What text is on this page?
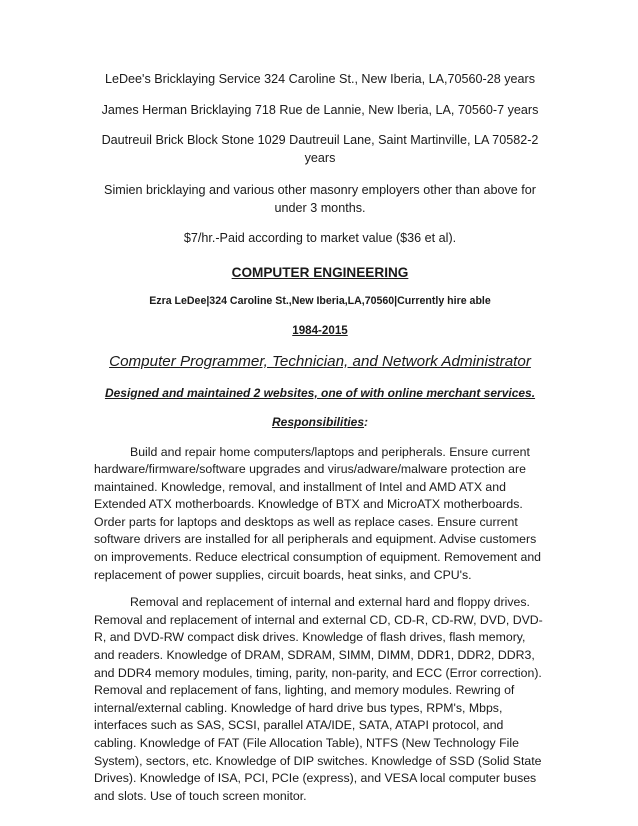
LeDee's Bricklaying Service 324 Caroline St., New Iberia, LA,70560-28 years

James Herman Bricklaying 718 Rue de Lannie, New Iberia, LA, 70560-7 years

Dautreuil Brick Block Stone 1029 Dautreuil Lane, Saint Martinville, LA 70582-2 years

Simien bricklaying and various other masonry employers other than above for under 3 months.

$7/hr.-Paid according to market value ($36 et al).

COMPUTER ENGINEERING
Ezra LeDee|324 Caroline St.,New Iberia,LA,70560|Currently hire able
1984-2015
Computer Programmer, Technician, and Network Administrator
Designed and maintained 2 websites, one of with online merchant services.
Responsibilities:

Build and repair home computers/laptops and peripherals. Ensure current hardware/firmware/software upgrades and virus/adware/malware protection are maintained. Knowledge, removal, and installment of Intel and AMD ATX and Extended ATX motherboards. Knowledge of BTX and MicroATX motherboards. Order parts for laptops and desktops as well as replace cases. Ensure current software drivers are installed for all peripherals and equipment. Advise customers on improvements. Reduce electrical consumption of equipment. Removement and replacement of power supplies, circuit boards, heat sinks, and CPU's.

Removal and replacement of internal and external hard and floppy drives. Removal and replacement of internal and external CD, CD-R, CD-RW, DVD, DVD-R, and DVD-RW compact disk drives. Knowledge of flash drives, flash memory, and readers. Knowledge of DRAM, SDRAM, SIMM, DIMM, DDR1, DDR2, DDR3, and DDR4 memory modules, timing, parity, non-parity, and ECC (Error correction). Removal and replacement of fans, lighting, and memory modules. Rewring of internal/external cabling. Knowledge of hard drive bus types, RPM's, Mbps, interfaces such as SAS, SCSI, parallel ATA/IDE, SATA, ATAPI protocol, and cabling. Knowledge of FAT (File Allocation Table), NTFS (New Technology File System), sectors, etc. Knowledge of DIP switches. Knowledge of SSD (Solid State Drives). Knowledge of ISA, PCI, PCIe (express), and VESA local computer buses and slots. Use of touch screen monitor.
